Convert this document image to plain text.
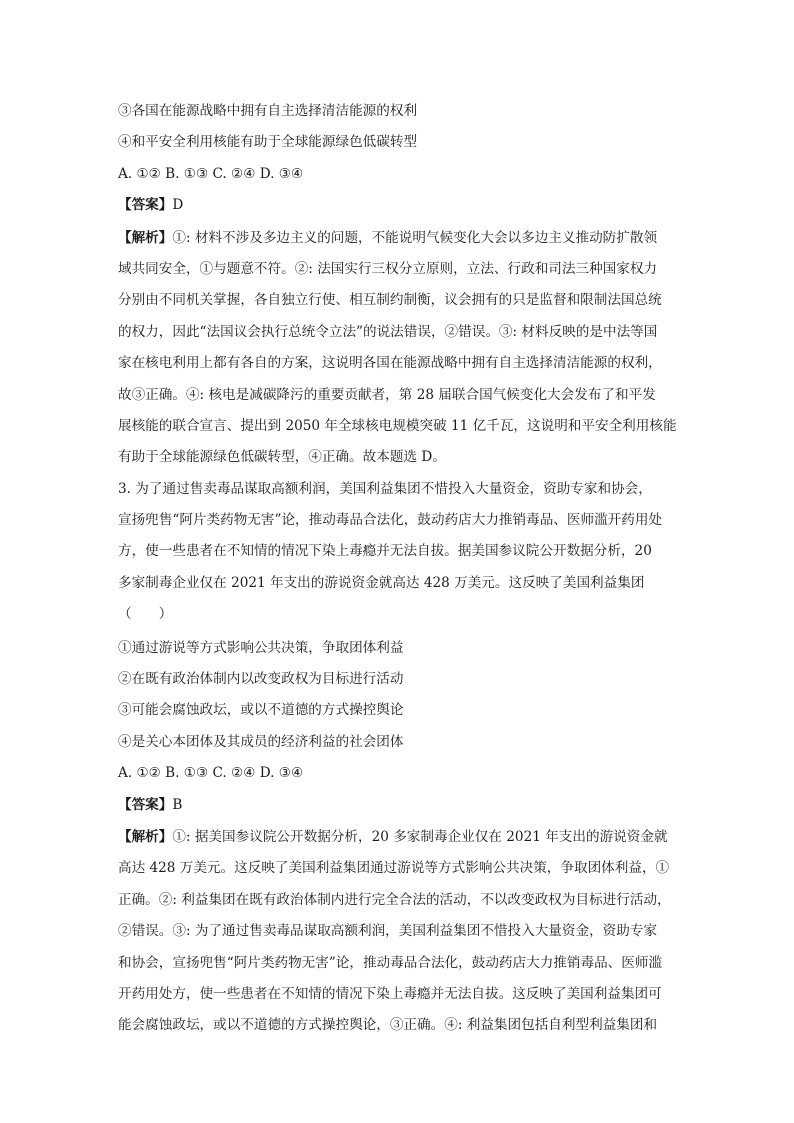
③各国在能源战略中拥有自主选择清洁能源的权利
④和平安全利用核能有助于全球能源绿色低碳转型
A. ①② B. ①③ C. ②④ D. ③④
【答案】D
【解析】①: 材料不涉及多边主义的问题，不能说明气候变化大会以多边主义推动防扩散领
域共同安全，①与题意不符。②: 法国实行三权分立原则，立法、行政和司法三种国家权力
分别由不同机关掌握，各自独立行使、相互制约制衡，议会拥有的只是监督和限制法国总统
的权力，因此“法国议会执行总统令立法”的说法错误，②错误。③: 材料反映的是中法等国
家在核电利用上都有各自的方案，这说明各国在能源战略中拥有自主选择清洁能源的权利，
故③正确。④: 核电是减碳降污的重要贡献者，第 28 届联合国气候变化大会发布了和平发
展核能的联合宣言、提出到 2050 年全球核电规模突破 11 亿千瓦，这说明和平安全利用核能
有助于全球能源绿色低碳转型，④正确。故本题选 D。
3. 为了通过售卖毒品谋取高额利润，美国利益集团不惜投入大量资金，资助专家和协会，
宣扬兜售“阿片类药物无害”论，推动毒品合法化，鼓动药店大力推销毒品、医师滥开药用处
方，使一些患者在不知情的情况下染上毒瘾并无法自拔。据美国参议院公开数据分析，20
多家制毒企业仅在 2021 年支出的游说资金就高达 428 万美元。这反映了美国利益集团
（　　）
①通过游说等方式影响公共决策，争取团体利益
②在既有政治体制内以改变政权为目标进行活动
③可能会腐蚀政坛，或以不道德的方式操控舆论
④是关心本团体及其成员的经济利益的社会团体
A. ①② B. ①③ C. ②④ D. ③④
【答案】B
【解析】①: 据美国参议院公开数据分析，20 多家制毒企业仅在 2021 年支出的游说资金就
高达 428 万美元。这反映了美国利益集团通过游说等方式影响公共决策，争取团体利益，①
正确。②: 利益集团在既有政治体制内进行完全合法的活动，不以改变政权为目标进行活动，
②错误。③: 为了通过售卖毒品谋取高额利润，美国利益集团不惜投入大量资金，资助专家
和协会，宣扬兜售“阿片类药物无害”论，推动毒品合法化，鼓动药店大力推销毒品、医师滥
开药用处方，使一些患者在不知情的情况下染上毒瘾并无法自拔。这反映了美国利益集团可
能会腐蚀政坛，或以不道德的方式操控舆论，③正确。④: 利益集团包括自利型利益集团和
